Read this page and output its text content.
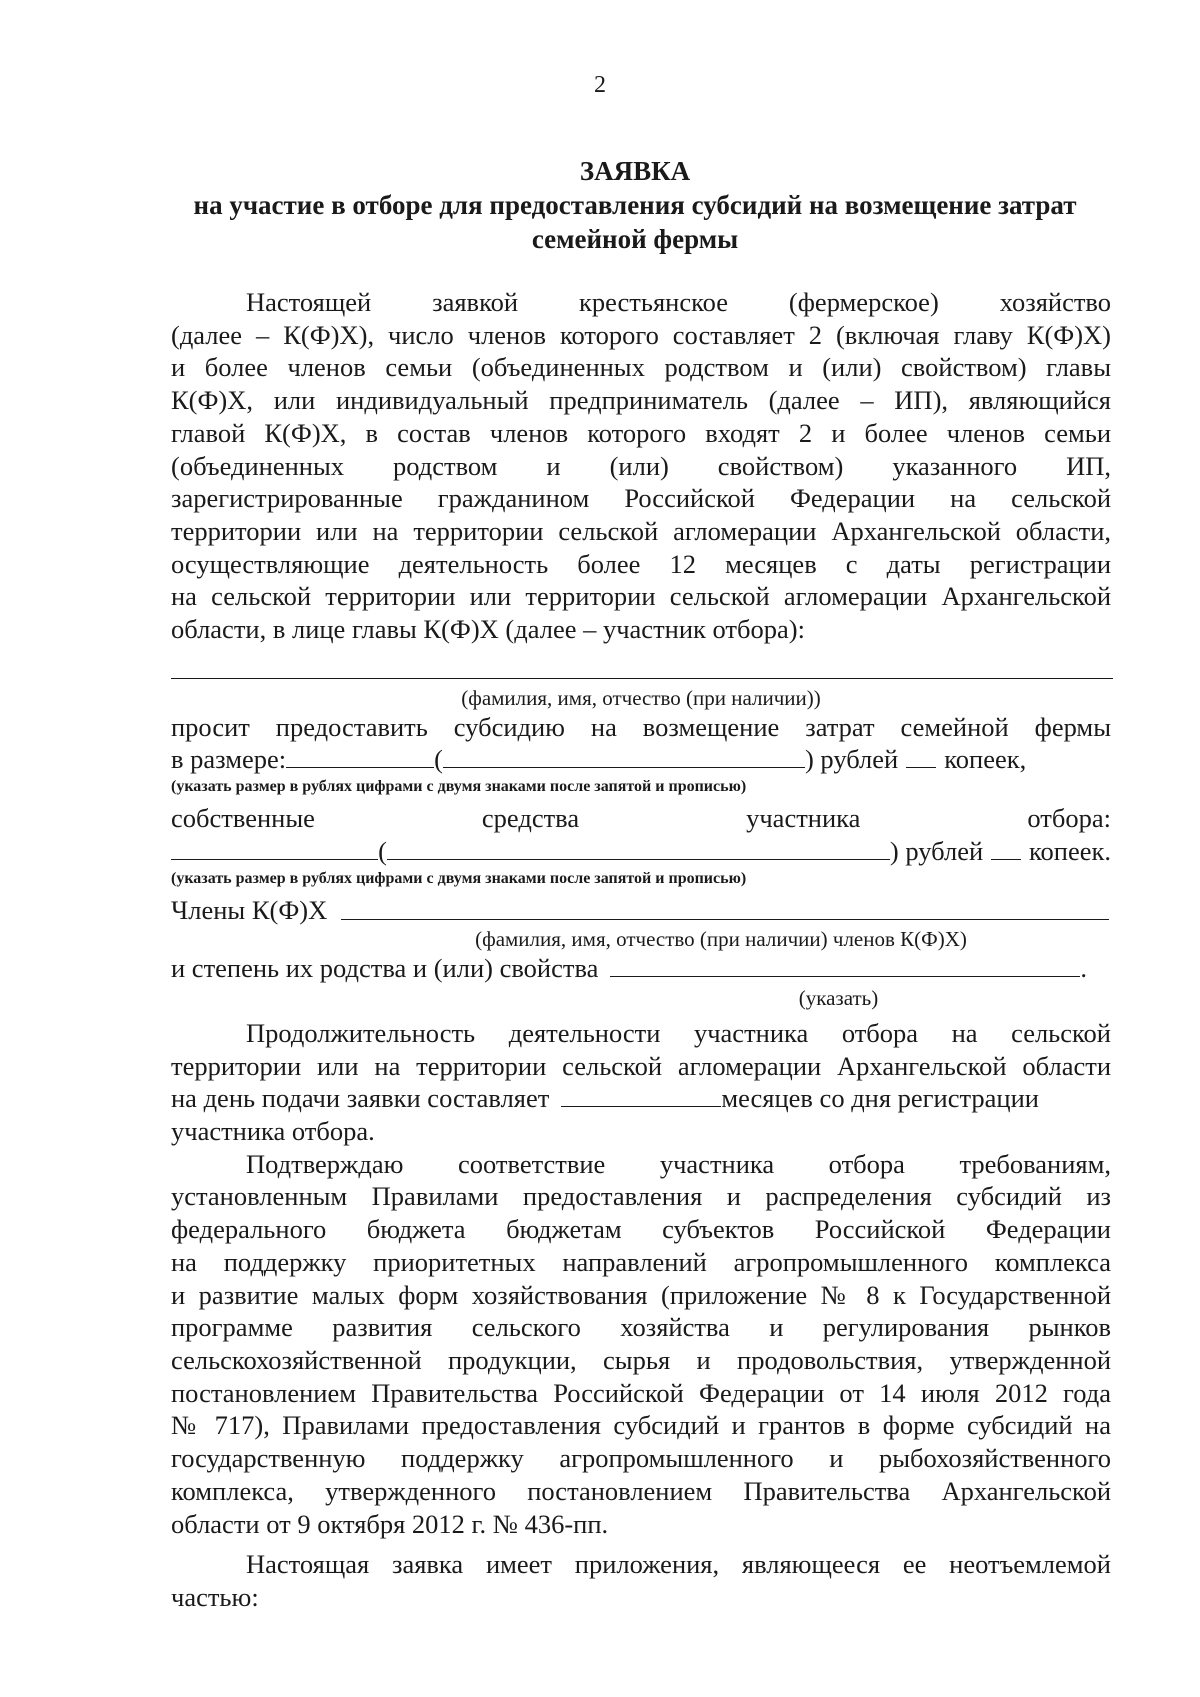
2
ЗАЯВКА
на участие в отборе для предоставления субсидий на возмещение затрат
семейной фермы
Настоящей заявкой крестьянское (фермерское) хозяйство
(далее – К(Ф)Х), число членов которого составляет 2 (включая главу К(Ф)Х)
и более членов семьи (объединенных родством и (или) свойством) главы
К(Ф)Х, или индивидуальный предприниматель (далее – ИП), являющийся
главой К(Ф)Х, в состав членов которого входят 2 и более членов семьи
(объединенных родством и (или) свойством) указанного ИП,
зарегистрированные гражданином Российской Федерации на сельской
территории или на территории сельской агломерации Архангельской области,
осуществляющие деятельность более 12 месяцев с даты регистрации
на сельской территории или территории сельской агломерации Архангельской
области, в лице главы К(Ф)Х (далее – участник отбора):
(фамилия, имя, отчество (при наличии))
просит предоставить субсидию на возмещение затрат семейной фермы
в размере:	(	) рублей копеек,
(указать размер в рублях цифрами с двумя знаками после запятой и прописью)
собственные	средства	участника	отбора:
(	) рублей копеек.
(указать размер в рублях цифрами с двумя знаками после запятой и прописью)
Члены К(Ф)Х
(фамилия, имя, отчество (при наличии) членов К(Ф)Х)
и степень их родства и (или) свойства	.
(указать)
Продолжительность деятельности участника отбора на сельской
территории или на территории сельской агломерации Архангельской области
на день подачи заявки составляет	месяцев со дня регистрации
участника отбора.
Подтверждаю соответствие участника отбора требованиям,
установленным Правилами предоставления и распределения субсидий из
федерального бюджета бюджетам субъектов Российской Федерации
на поддержку приоритетных направлений агропромышленного комплекса
и развитие малых форм хозяйствования (приложение № 8 к Государственной
программе развития сельского хозяйства и регулирования рынков
сельскохозяйственной продукции, сырья и продовольствия, утвержденной
постановлением Правительства Российской Федерации от 14 июля 2012 года
№ 717), Правилами предоставления субсидий и грантов в форме субсидий на
государственную поддержку агропромышленного и рыбохозяйственного
комплекса, утвержденного постановлением Правительства Архангельской
области от 9 октября 2012 г. № 436-пп.
Настоящая заявка имеет приложения, являющееся ее неотъемлемой
частью:
